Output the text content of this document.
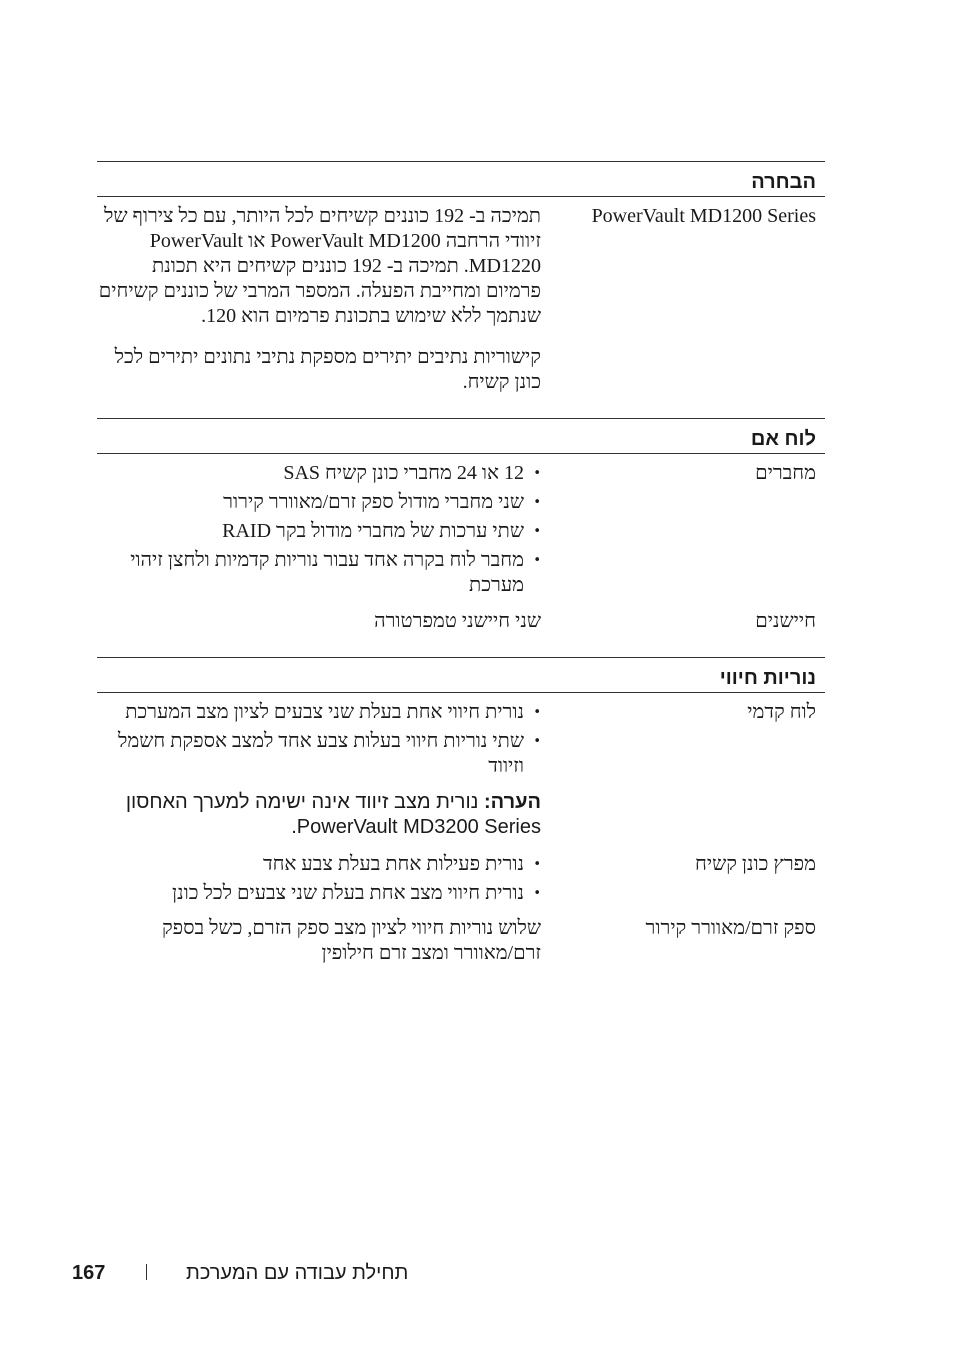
הבחרה
PowerVault MD1200 Series

תמיכה ב- 192 כוננים קשיחים לכל היותר, עם כל צירוף של זיוודי הרחבה PowerVault MD1200 או PowerVault MD1220. תמיכה ב- 192 כוננים קשיחים היא תכונת פרמיום ומחייבת הפעלה. המספר המרבי של כוננים קשיחים שנתמך ללא שימוש בתכונת פרמיום הוא 120.

קישוריות נתיבים יתירים מספקת נתיבי נתונים יתירים לכל כונן קשיח.

לוח אם
מחברים
• 12 או 24 מחברי כונן קשיח SAS
• שני מחברי מודול ספק זרם/מאוורר קירור
• שתי ערכות של מחברי מודול בקר RAID
• מחבר לוח בקרה אחד עבור נוריות קדמיות ולחצן זיהוי מערכת
חיישנים
שני חיישני טמפרטורה
נוריות חיווי
לוח קדמי
• נורית חיווי אחת בעלת שני צבעים לציון מצב המערכת
• שתי נוריות חיווי בעלות צבע אחד למצב אספקת חשמל וזיווד

הערה: נורית מצב זיווד אינה ישימה למערך האחסון PowerVault MD3200 Series.

מפרץ כונן קשיח
• נורית פעילות אחת בעלת צבע אחד
• נורית חיווי מצב אחת בעלת שני צבעים לכל כונן
ספק זרם/מאוורר קירור
שלוש נוריות חיווי לציון מצב ספק הזרם, כשל בספק זרם/מאוורר ומצב זרם חילופין
167	תחילת עבודה עם המערכת
